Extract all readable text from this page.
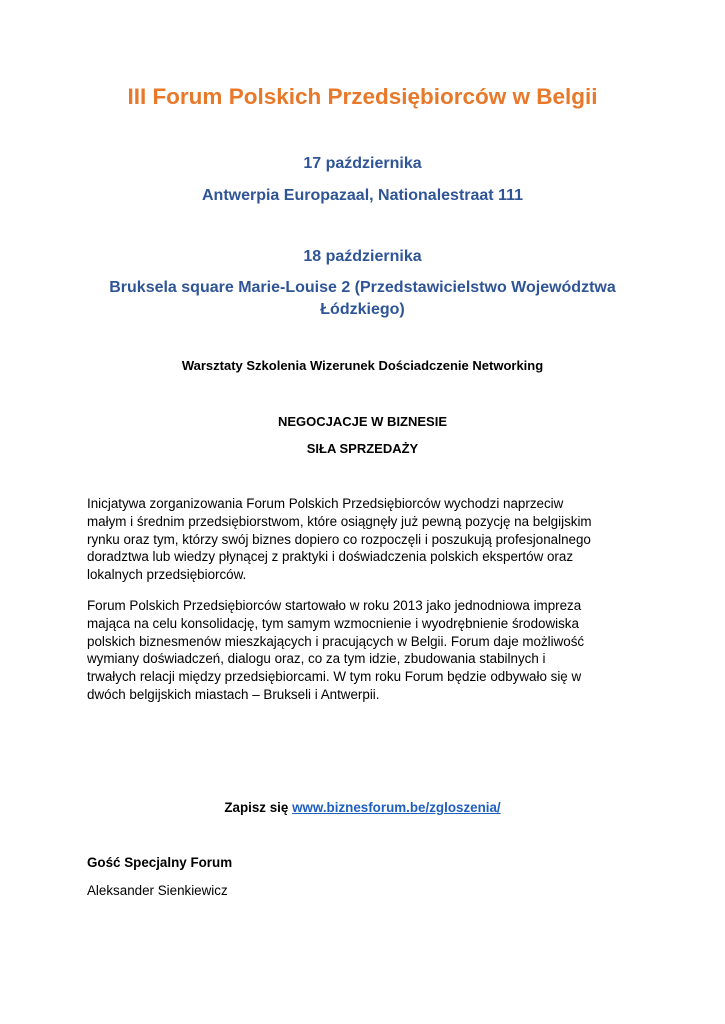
III Forum Polskich Przedsiębiorców w Belgii

17 października

Antwerpia Europazaal, Nationalestraat 111

18 października

Bruksela square Marie-Louise 2 (Przedstawicielstwo Województwa

Łódzkiego)

Warsztaty Szkolenia Wizerunek Dościadczenie Networking

NEGOCJACJE W BIZNESIE

SIŁA SPRZEDAŻY

Inicjatywa zorganizowania Forum Polskich Przedsiębiorców wychodzi naprzeciw
małym i średnim przedsiębiorstwom, które osiągnęły już pewną pozycję na belgijskim
rynku oraz tym, którzy swój biznes dopiero co rozpoczęli i poszukują profesjonalnego
doradztwa lub wiedzy płynącej z praktyki i doświadczenia polskich ekspertów oraz
lokalnych przedsiębiorców.
Forum Polskich Przedsiębiorców startowało w roku 2013 jako jednodniowa impreza
mająca na celu konsolidację, tym samym wzmocnienie i wyodrębnienie środowiska
polskich biznesmenów mieszkających i pracujących w Belgii. Forum daje możliwość
wymiany doświadczeń, dialogu oraz, co za tym idzie, zbudowania stabilnych i
trwałych relacji między przedsiębiorcami. W tym roku Forum będzie odbywało się w
dwóch belgijskich miastach – Brukseli i Antwerpii.

Zapisz się www.biznesforum.be/zgloszenia/

Gość Specjalny Forum

Aleksander Sienkiewicz
